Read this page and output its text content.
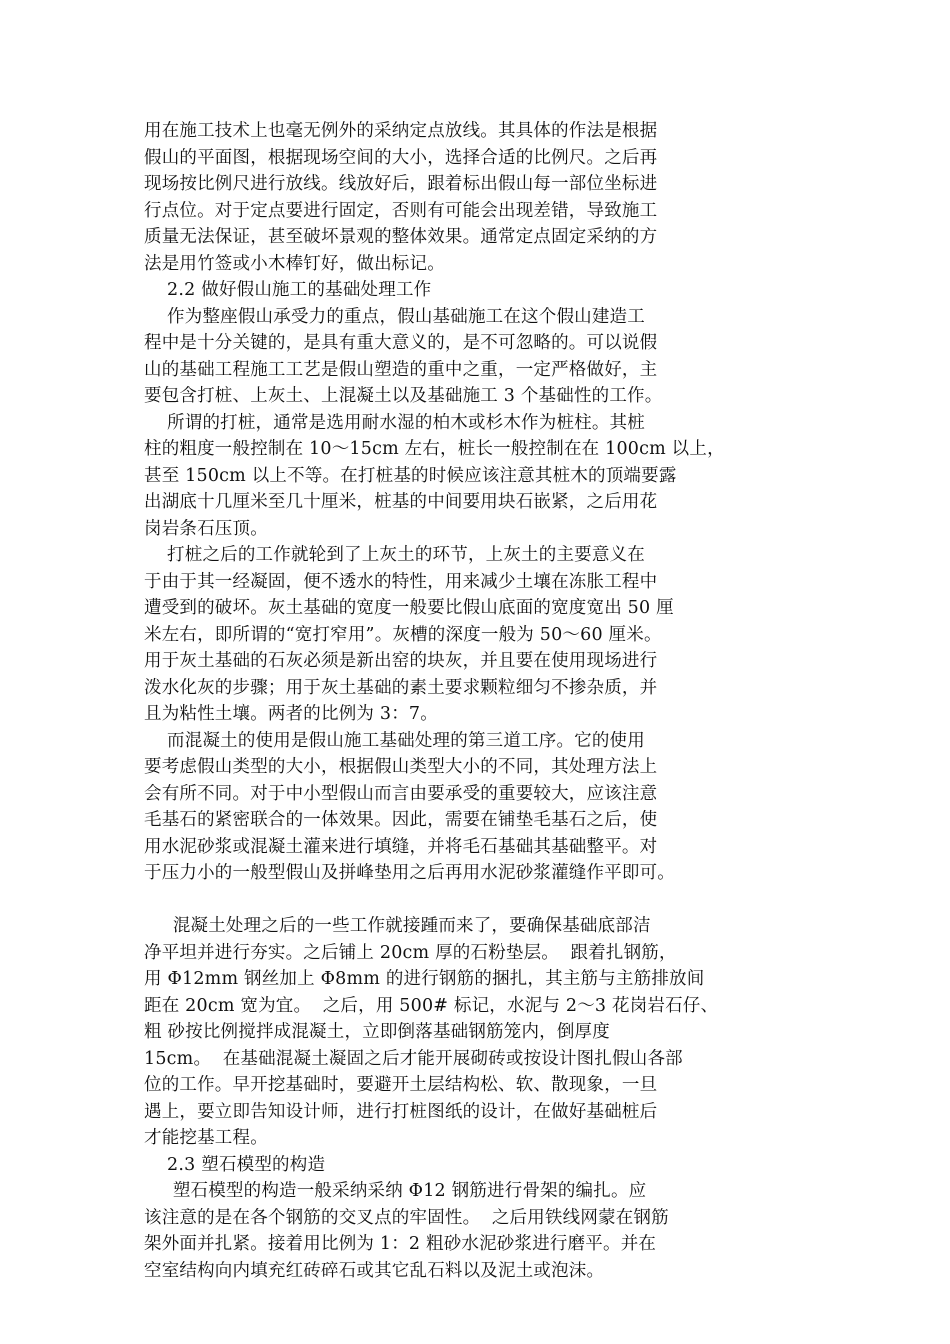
用在施工技术上也毫无例外的采纳定点放线。其具体的作法是根据
假山的平面图，根据现场空间的大小，选择合适的比例尺。之后再
现场按比例尺进行放线。线放好后，跟着标出假山每一部位坐标进
行点位。对于定点要进行固定，否则有可能会出现差错，导致施工
质量无法保证，甚至破坏景观的整体效果。通常定点固定采纳的方
法是用竹签或小木棒钉好，做出标记。
2.2 做好假山施工的基础处理工作
作为整座假山承受力的重点，假山基础施工在这个假山建造工
程中是十分关键的，是具有重大意义的，是不可忽略的。可以说假
山的基础工程施工工艺是假山塑造的重中之重，一定严格做好，主
要包含打桩、上灰土、上混凝土以及基础施工 3 个基础性的工作。
所谓的打桩，通常是选用耐水湿的柏木或杉木作为桩柱。其桩
柱的粗度一般控制在 10～15cm 左右，桩长一般控制在在 100cm 以上，
甚至 150cm 以上不等。在打桩基的时候应该注意其桩木的顶端要露
出湖底十几厘米至几十厘米，桩基的中间要用块石嵌紧，之后用花
岗岩条石压顶。
打桩之后的工作就轮到了上灰土的环节，上灰土的主要意义在
于由于其一经凝固，便不透水的特性，用来减少土壤在冻胀工程中
遭受到的破坏。灰土基础的宽度一般要比假山底面的宽度宽出 50 厘
米左右，即所谓的“宽打窄用”。灰槽的深度一般为 50～60 厘米。
用于灰土基础的石灰必须是新出窑的块灰，并且要在使用现场进行
泼水化灰的步骤；用于灰土基础的素土要求颗粒细匀不掺杂质，并
且为粘性土壤。两者的比例为 3：7。
而混凝土的使用是假山施工基础处理的第三道工序。它的使用
要考虑假山类型的大小，根据假山类型大小的不同，其处理方法上
会有所不同。对于中小型假山而言由要承受的重要较大，应该注意
毛基石的紧密联合的一体效果。因此，需要在铺垫毛基石之后，使
用水泥砂浆或混凝土灌来进行填缝，并将毛石基础其基础整平。对
于压力小的一般型假山及拼峰垫用之后再用水泥砂浆灌缝作平即可。
混凝土处理之后的一些工作就接踵而来了，要确保基础底部洁
净平坦并进行夯实。之后铺上 20cm 厚的石粉垫层。  跟着扎钢筋，
用 Φ12mm 钢丝加上 Φ8mm 的进行钢筋的捆扎，其主筋与主筋排放间
距在 20cm 宽为宜。  之后，用 500# 标记，水泥与 2～3 花岗岩石仔、
粗 砂按比例搅拌成混凝土，立即倒落基础钢筋笼内，倒厚度
15cm。  在基础混凝土凝固之后才能开展砌砖或按设计图扎假山各部
位的工作。早开挖基础时，要避开土层结构松、软、散现象，一旦
遇上，要立即告知设计师，进行打桩图纸的设计，在做好基础桩后
才能挖基工程。
2.3 塑石模型的构造
塑石模型的构造一般采纳采纳 Φ12 钢筋进行骨架的编扎。应
该注意的是在各个钢筋的交叉点的牢固性。  之后用铁线网蒙在钢筋
架外面并扎紧。接着用比例为 1：2 粗砂水泥砂浆进行磨平。并在
空室结构向内填充红砖碎石或其它乱石料以及泥土或泡沫。
